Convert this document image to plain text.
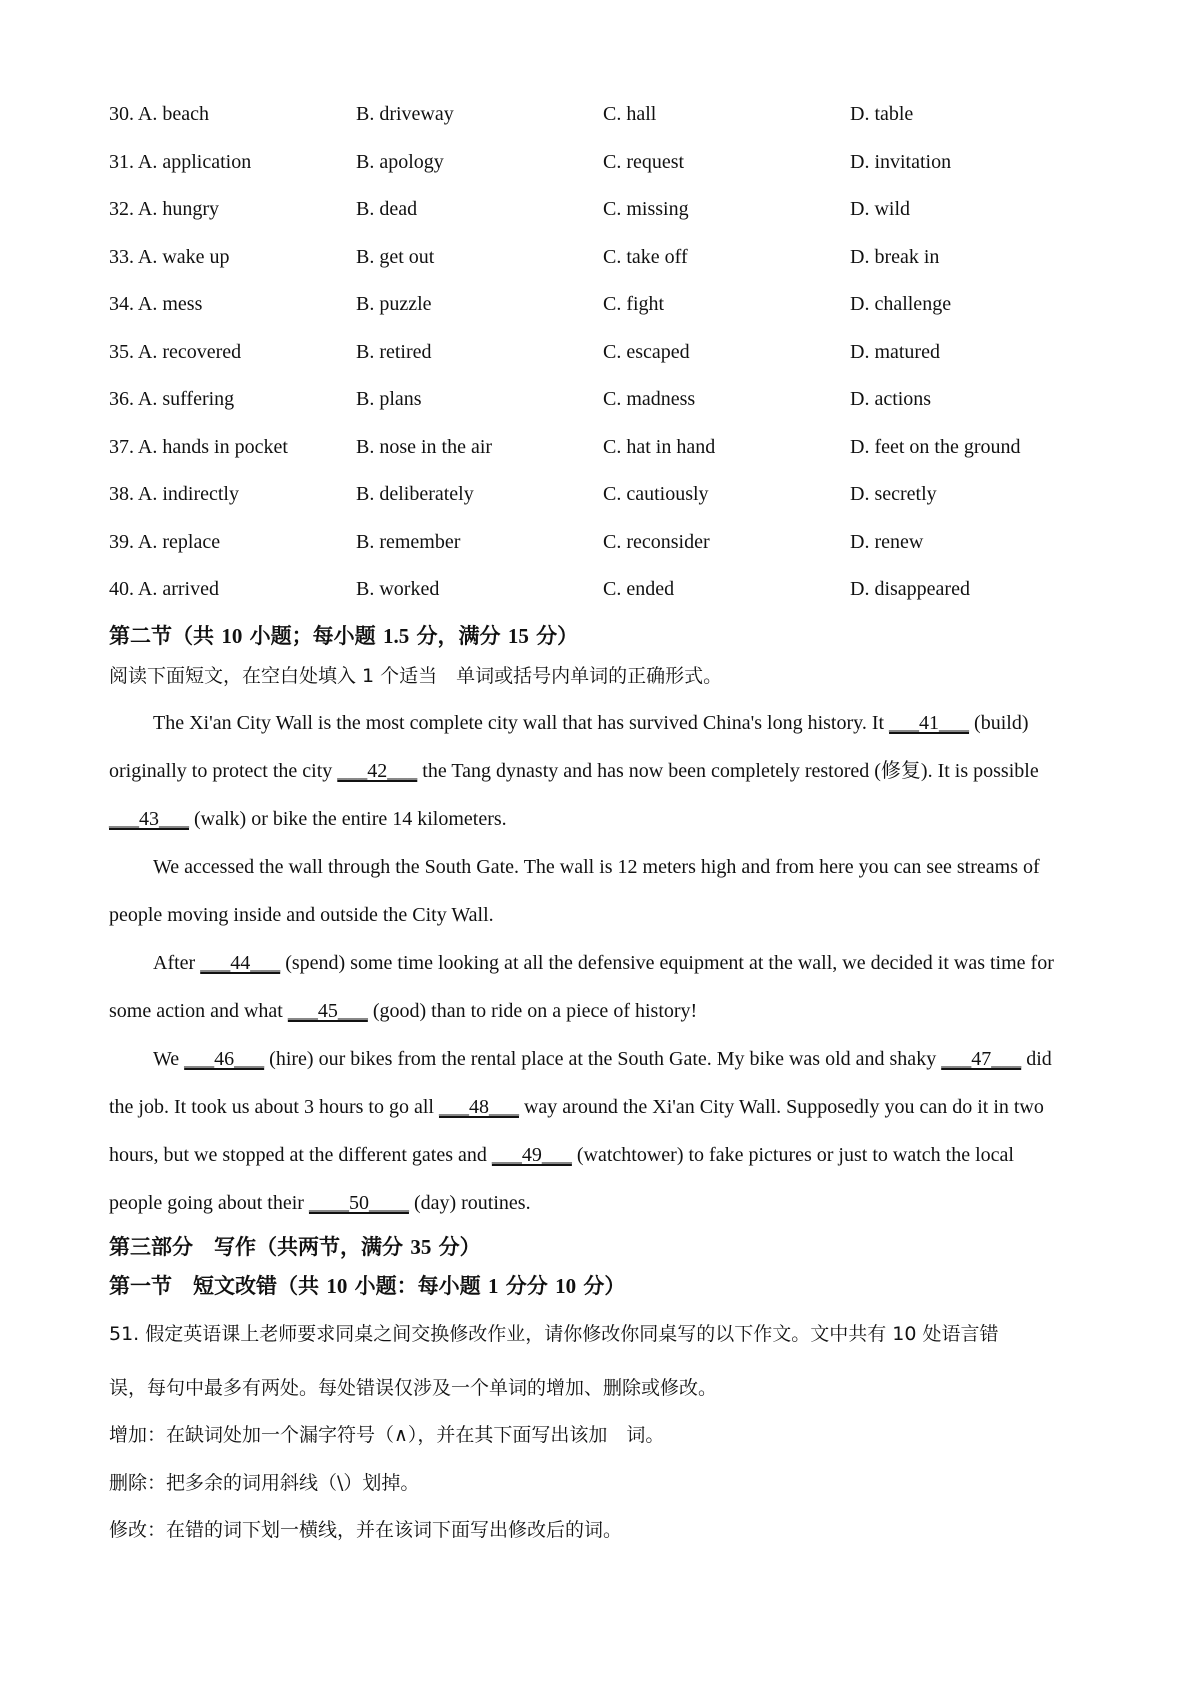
30. A. beach	B. driveway	C. hall	D. table
31. A. application	B. apology	C. request	D. invitation
32. A. hungry	B. dead	C. missing	D. wild
33. A. wake up	B. get out	C. take off	D. break in
34. A. mess	B. puzzle	C. fight	D. challenge
35. A. recovered	B. retired	C. escaped	D. matured
36. A. suffering	B. plans	C. madness	D. actions
37. A. hands in pocket	B. nose in the air	C. hat in hand	D. feet on the ground
38. A. indirectly	B. deliberately	C. cautiously	D. secretly
39. A. replace	B. remember	C. reconsider	D. renew
40. A. arrived	B. worked	C. ended	D. disappeared
第二节（共 10 小题；每小题 1.5 分，满分 15 分）
阅读下面短文，在空白处填入 1 个适当　单词或括号内单词的正确形式。
The Xi'an City Wall is the most complete city wall that has survived China's long history. It ___41___ (build)
originally to protect the city ___42___ the Tang dynasty and has now been completely restored (修复). It is possible
___43___ (walk) or bike the entire 14 kilometers.
We accessed the wall through the South Gate. The wall is 12 meters high and from here you can see streams of
people moving inside and outside the City Wall.
After ___44___ (spend) some time looking at all the defensive equipment at the wall, we decided it was time for
some action and what ___45___ (good) than to ride on a piece of history!
We ___46___ (hire) our bikes from the rental place at the South Gate. My bike was old and shaky ___47___ did
the job. It took us about 3 hours to go all ___48___ way around the Xi'an City Wall. Supposedly you can do it in two
hours, but we stopped at the different gates and ___49___ (watchtower) to fake pictures or just to watch the local
people going about their ____50____ (day) routines.
第三部分　写作（共两节，满分 35 分）
第一节　短文改错（共 10 小题：每小题 1 分分 10 分）
51. 假定英语课上老师要求同桌之间交换修改作业，请你修改你同桌写的以下作文。文中共有 10 处语言错
误，每句中最多有两处。每处错误仅涉及一个单词的增加、删除或修改。
增加：在缺词处加一个漏字符号（∧），并在其下面写出该加　词。
删除：把多余的词用斜线（\）划掉。
修改：在错的词下划一横线，并在该词下面写出修改后的词。
